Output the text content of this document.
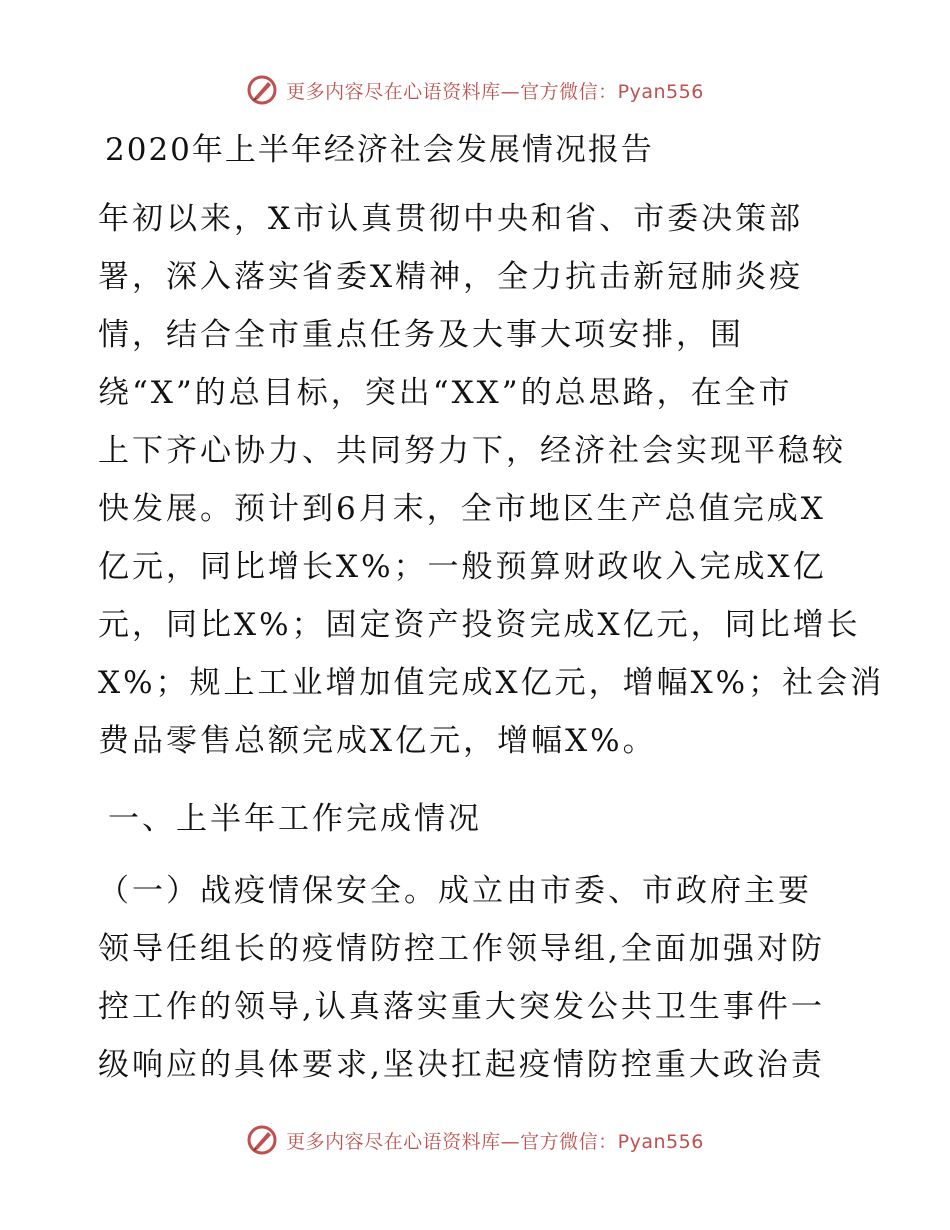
更多内容尽在心语资料库—官方微信：Pyan556
2020年上半年经济社会发展情况报告
年初以来，X市认真贯彻中央和省、市委决策部
署，深入落实省委X精神，全力抗击新冠肺炎疫
情，结合全市重点任务及大事大项安排，围
绕“X”的总目标，突出“XX”的总思路，在全市
上下齐心协力、共同努力下，经济社会实现平稳较
快发展。预计到6月末，全市地区生产总值完成X
亿元，同比增长X%；一般预算财政收入完成X亿
元，同比X%；固定资产投资完成X亿元，同比增长
X%；规上工业增加值完成X亿元，增幅X%；社会消
费品零售总额完成X亿元，增幅X%。
一、上半年工作完成情况
（一）战疫情保安全。成立由市委、市政府主要
领导任组长的疫情防控工作领导组,全面加强对防
控工作的领导,认真落实重大突发公共卫生事件一
级响应的具体要求,坚决扛起疫情防控重大政治责
更多内容尽在心语资料库—官方微信：Pyan556
